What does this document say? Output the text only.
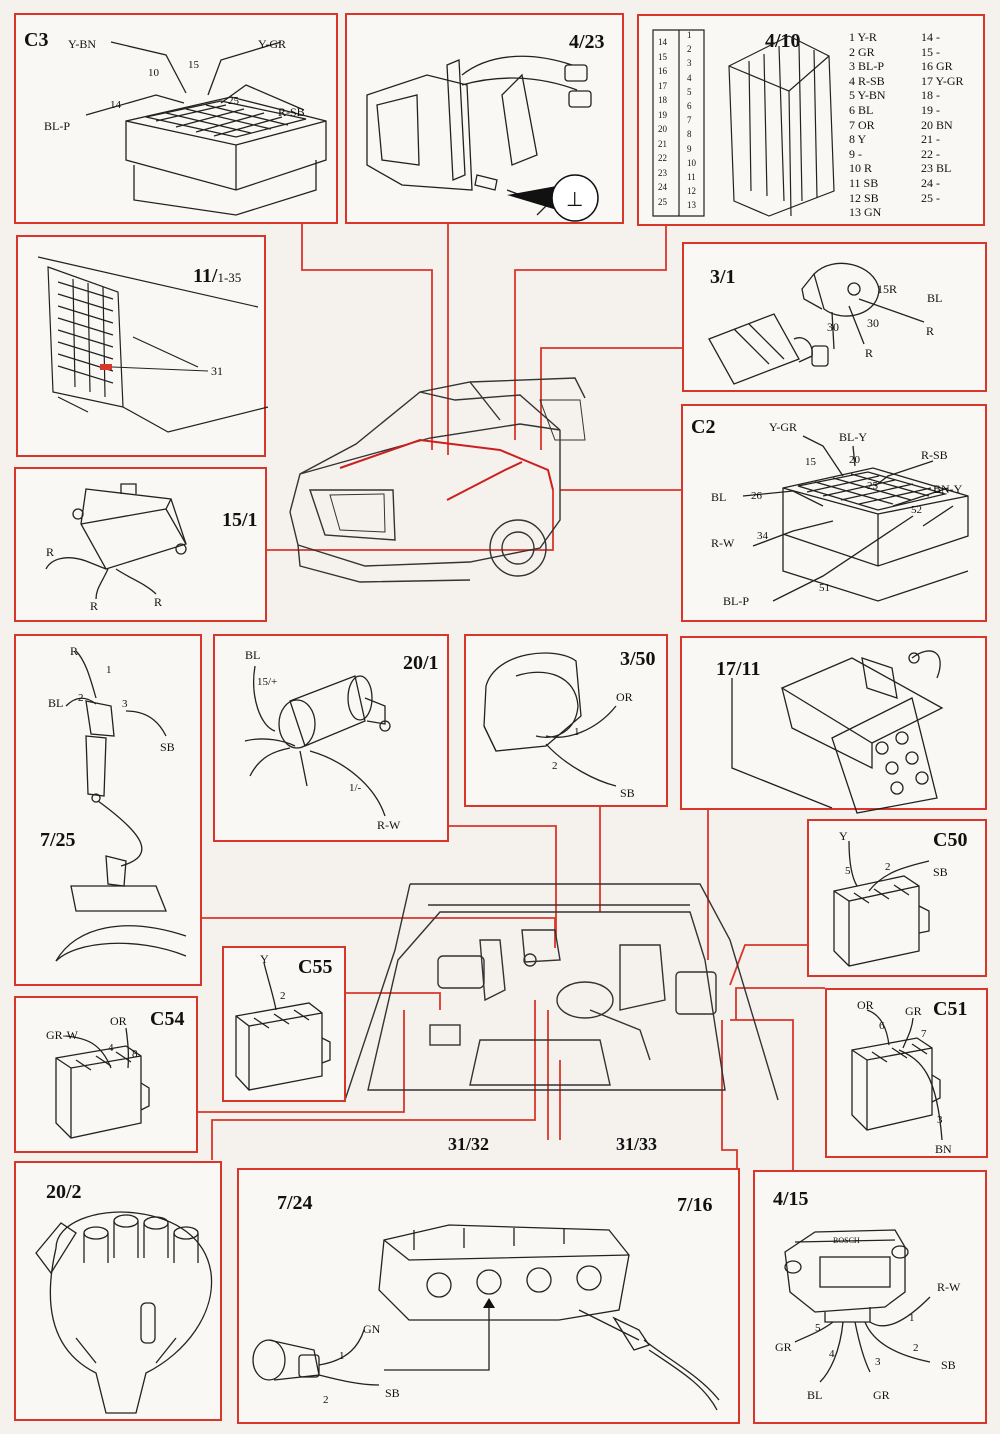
C3 Y-BN	Y-GR
BL-P
R-SB
10
15
14	25
4/23
⊥
4/10
14
15
16
17
18
19
20
21
22
23
24
25
1
2
3
4
5
6
7
8
9
10
11
12
13
1 Y-R
2 GR
3 BL-P
4 R-SB
5 Y-BN
6 BL
7 OR
8 Y
9 -
10 R
11 SB
12 SB
13 GN
14 -
15 -
16 GR
17 Y-GR
18 -
19 -
20 BN
21 -
22 -
23 BL
24 -
25 -
11/1-35
31
3/1
15R
BL
30 30
R
R
15/1
R
R	R
C2	Y-GR
BL-Y
R-SB
BN-Y
BL
R-W
BL-P
15	20
25
26
34
52
51
7/25
R
BL
SB
1
2	3
20/1
BL
R-W
15/+
1/-
3/50
OR
SB
1
2
17/11
C50
Y
SB
5	2
C55
Y
2
C54
GR-W
OR
4 8
C51
OR	GR
BN
6
7
3
31/32	31/33
20/2	7/24	7/16
GN
SB
1
2
4/15
BOSCH
R-W
GR
BL	GR
SB
1
5
4
3
2
